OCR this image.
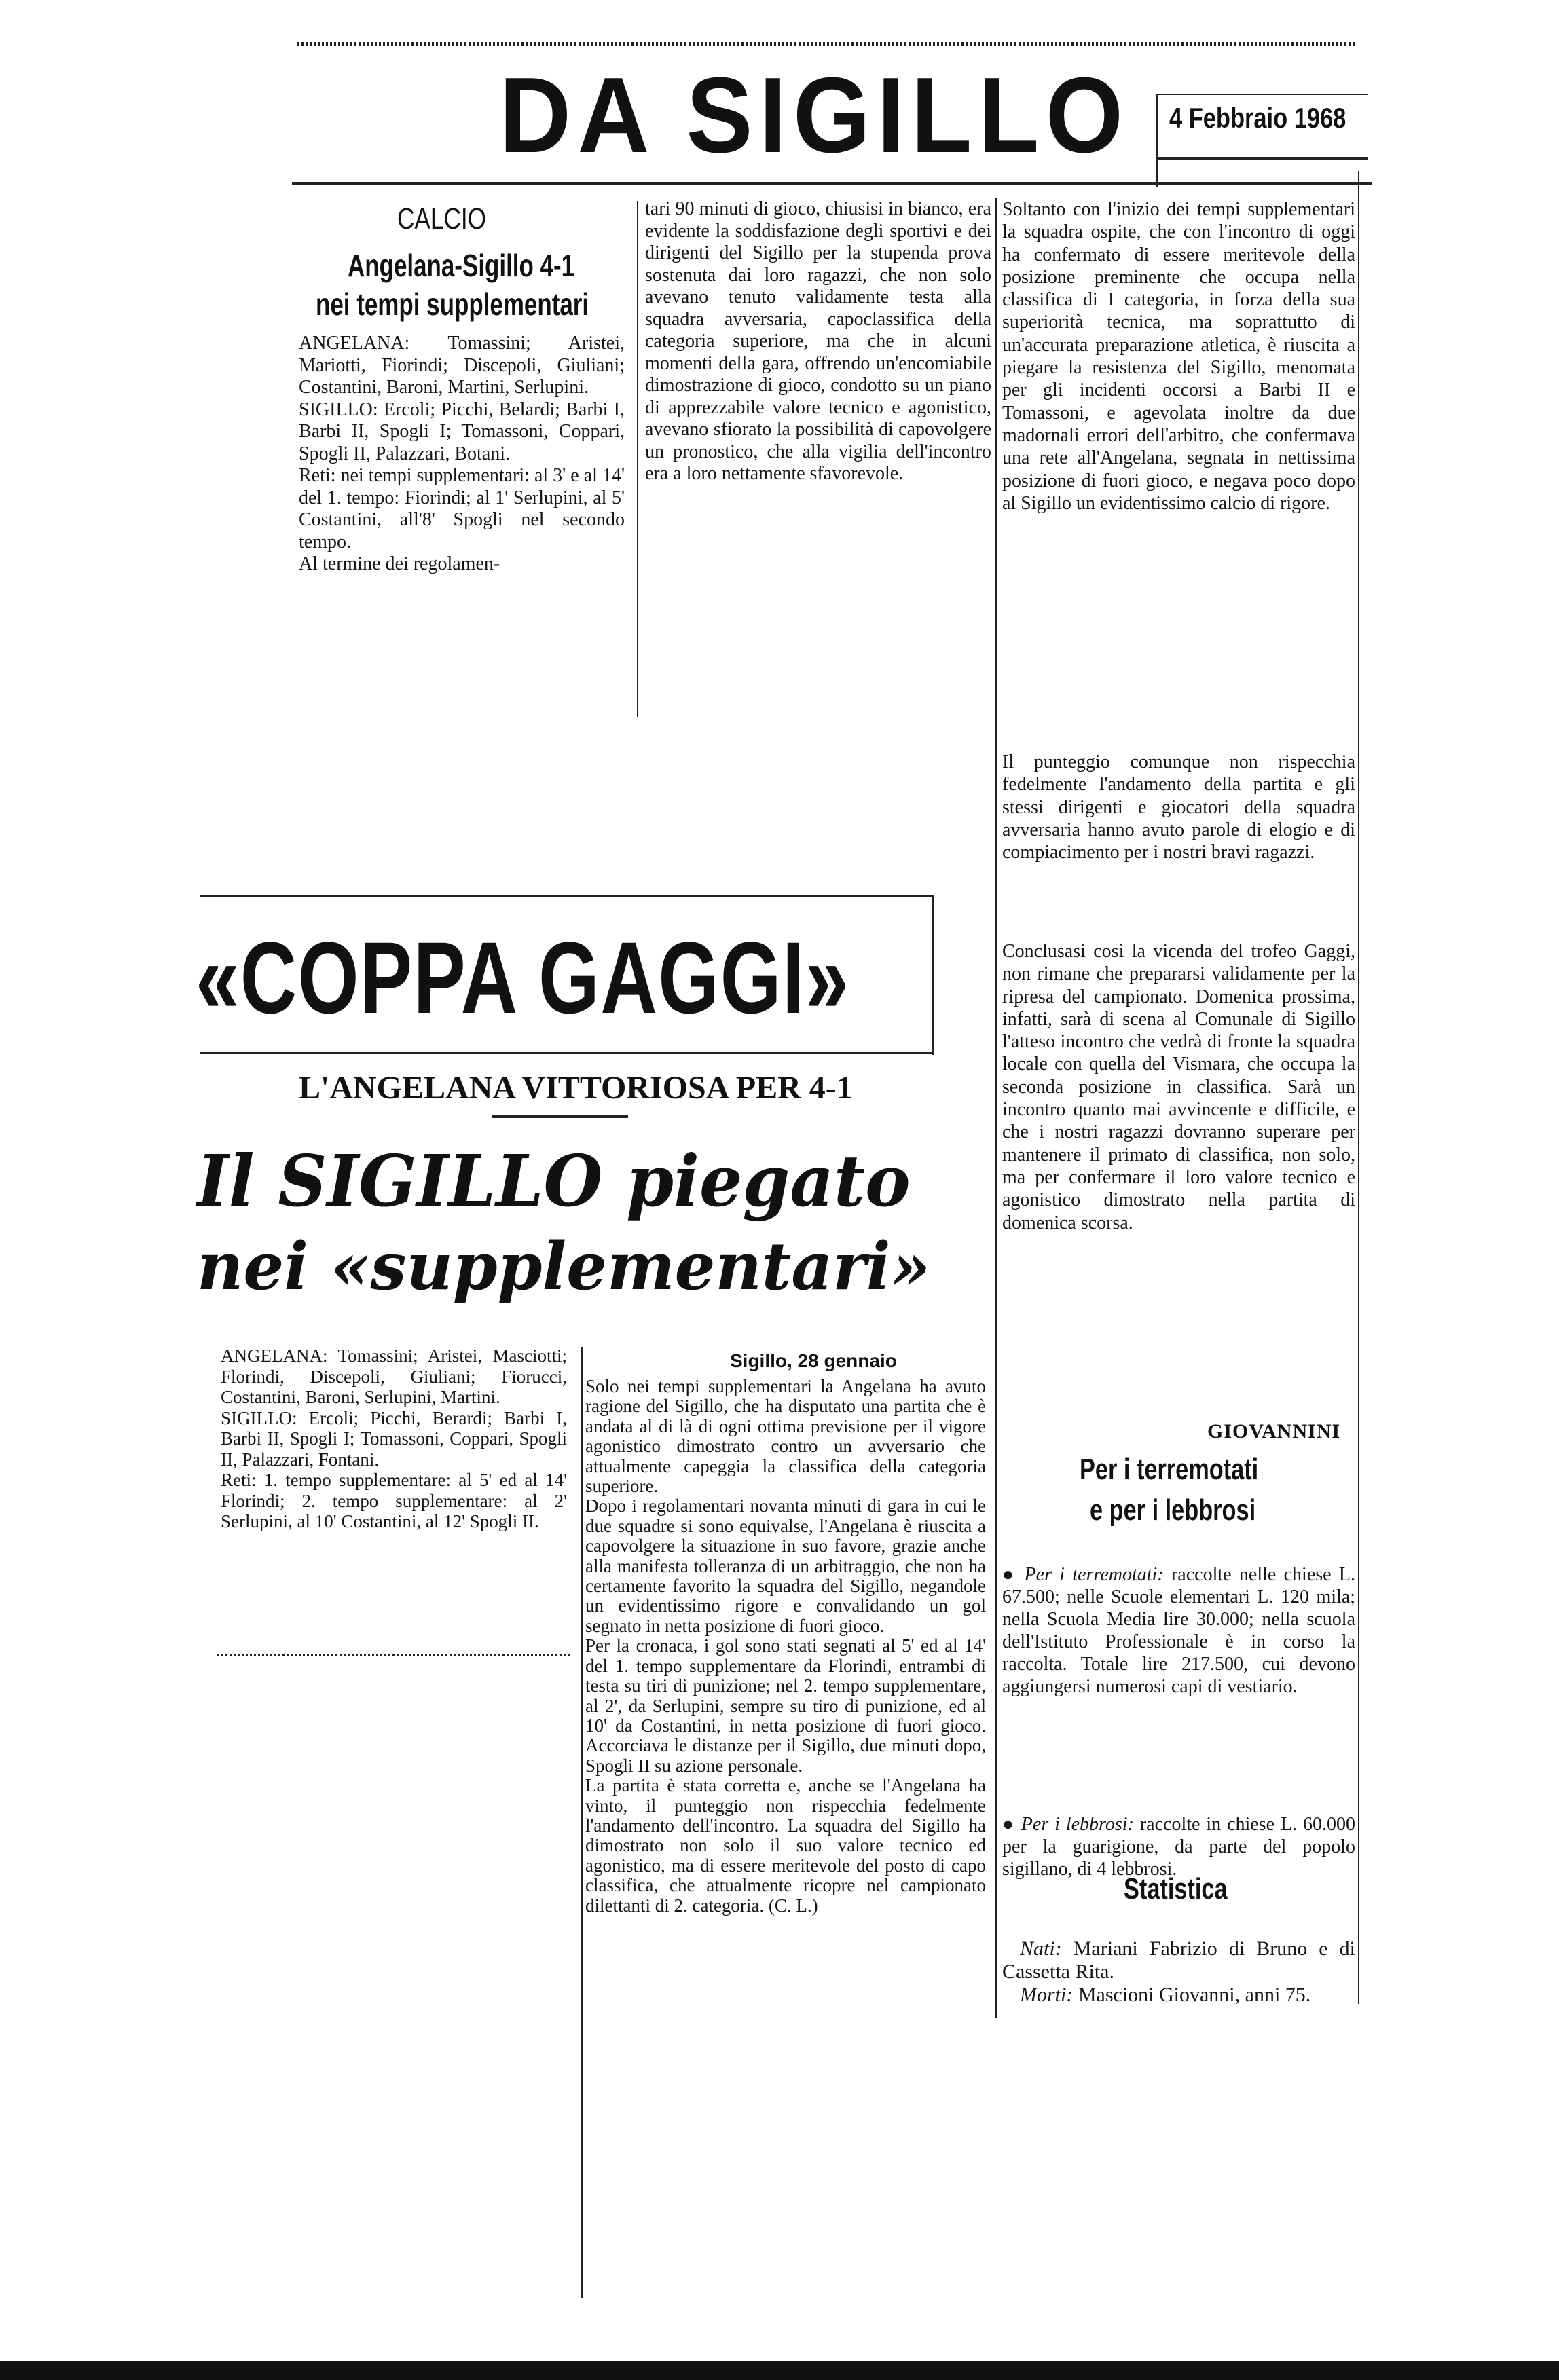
DA SIGILLO 4 Febbraio 1968
CALCIO
Angelana-Sigillo 4-1
nei tempi supplementari
ANGELANA: Tomassini; Aristei, Mariotti, Fiorindi; Discepoli, Giuliani; Costantini, Baroni, Martini, Serlupini.
SIGILLO: Ercoli; Picchi, Belardi; Barbi I, Barbi II, Spogli I; Tomassoni, Coppari, Spogli II, Palazzari, Botani.
Reti: nei tempi supplementari: al 3' e al 14' del 1. tempo: Fiorindi; al 1' Serlupini, al 5' Costantini, all'8' Spogli nel secondo tempo.
Al termine dei regolamen-
tari 90 minuti di gioco, chiusisi in bianco, era evidente la soddisfazione degli sportivi e dei dirigenti del Sigillo per la stupenda prova sostenuta dai loro ragazzi, che non solo avevano tenuto validamente testa alla squadra avversaria, capoclassifica della categoria superiore, ma che in alcuni momenti della gara, offrendo un'encomiabile dimostrazione di gioco, condotto su un piano di apprezzabile valore tecnico e agonistico, avevano sfiorato la possibilità di capovolgere un pronostico, che alla vigilia dell'incontro era a loro nettamente sfavorevole.
Soltanto con l'inizio dei tempi supplementari la squadra ospite, che con l'incontro di oggi ha confermato di essere meritevole della posizione preminente che occupa nella classifica di I categoria, in forza della sua superiorità tecnica, ma soprattutto di un'accurata preparazione atletica, è riuscita a piegare la resistenza del Sigillo, menomata per gli incidenti occorsi a Barbi II e Tomassoni, e agevolata inoltre da due madornali errori dell'arbitro, che confermava una rete all'Angelana, segnata in nettissima posizione di fuori gioco, e negava poco dopo al Sigillo un evidentissimo calcio di rigore.
Il punteggio comunque non rispecchia fedelmente l'andamento della partita e gli stessi dirigenti e giocatori della squadra avversaria hanno avuto parole di elogio e di compiacimento per i nostri bravi ragazzi.
Conclusasi così la vicenda del trofeo Gaggi, non rimane che prepararsi validamente per la ripresa del campionato. Domenica prossima, infatti, sarà di scena al Comunale di Sigillo l'atteso incontro che vedrà di fronte la squadra locale con quella del Vismara, che occupa la seconda posizione in classifica. Sarà un incontro quanto mai avvincente e difficile, e che i nostri ragazzi dovranno superare per mantenere il primato di classifica, non solo, ma per confermare il loro valore tecnico e agonistico dimostrato nella partita di domenica scorsa.
GIOVANNINI
Per i terremotati
e per i lebbrosi

● Per i terremotati: raccolte nelle chiese L. 67.500; nelle Scuole elementari L. 120 mila; nella Scuola Media lire 30.000; nella scuola dell'Istituto Professionale è in corso la raccolta. Totale lire 217.500, cui devono aggiungersi numerosi capi di vestiario.

● Per i lebbrosi: raccolte in chiese L. 60.000 per la guarigione, da parte del popolo sigillano, di 4 lebbrosi.

Statistica

Nati: Mariani Fabrizio di Bruno e di Cassetta Rita.

Morti: Mascioni Giovanni, anni 75.

«COPPA GAGGI»
L'ANGELANA VITTORIOSA PER 4-1
Il SIGILLO piegato
nei «supplementari»
ANGELANA: Tomassini; Aristei, Masciotti; Florindi, Discepoli, Giuliani; Fiorucci, Costantini, Baroni, Serlupini, Martini.
SIGILLO: Ercoli; Picchi, Berardi; Barbi I, Barbi II, Spogli I; Tomassoni, Coppari, Spogli II, Palazzari, Fontani.
Reti: 1. tempo supplementare: al 5' ed al 14' Florindi; 2. tempo supplementare: al 2' Serlupini, al 10' Costantini, al 12' Spogli II.
Sigillo, 28 gennaio
Solo nei tempi supplementari la Angelana ha avuto ragione del Sigillo, che ha disputato una partita che è andata al di là di ogni ottima previsione per il vigore agonistico dimostrato contro un avversario che attualmente capeggia la classifica della categoria superiore.
Dopo i regolamentari novanta minuti di gara in cui le due squadre si sono equivalse, l'Angelana è riuscita a capovolgere la situazione in suo favore, grazie anche alla manifesta tolleranza di un arbitraggio, che non ha certamente favorito la squadra del Sigillo, negandole un evidentissimo rigore e convalidando un gol segnato in netta posizione di fuori gioco.
Per la cronaca, i gol sono stati segnati al 5' ed al 14' del 1. tempo supplementare da Florindi, entrambi di testa su tiri di punizione; nel 2. tempo supplementare, al 2', da Serlupini, sempre su tiro di punizione, ed al 10' da Costantini, in netta posizione di fuori gioco. Accorciava le distanze per il Sigillo, due minuti dopo, Spogli II su azione personale.
La partita è stata corretta e, anche se l'Angelana ha vinto, il punteggio non rispecchia fedelmente l'andamento dell'incontro. La squadra del Sigillo ha dimostrato non solo il suo valore tecnico ed agonistico, ma di essere meritevole del posto di capo classifica, che attualmente ricopre nel campionato dilettanti di 2. categoria. (C. L.)
